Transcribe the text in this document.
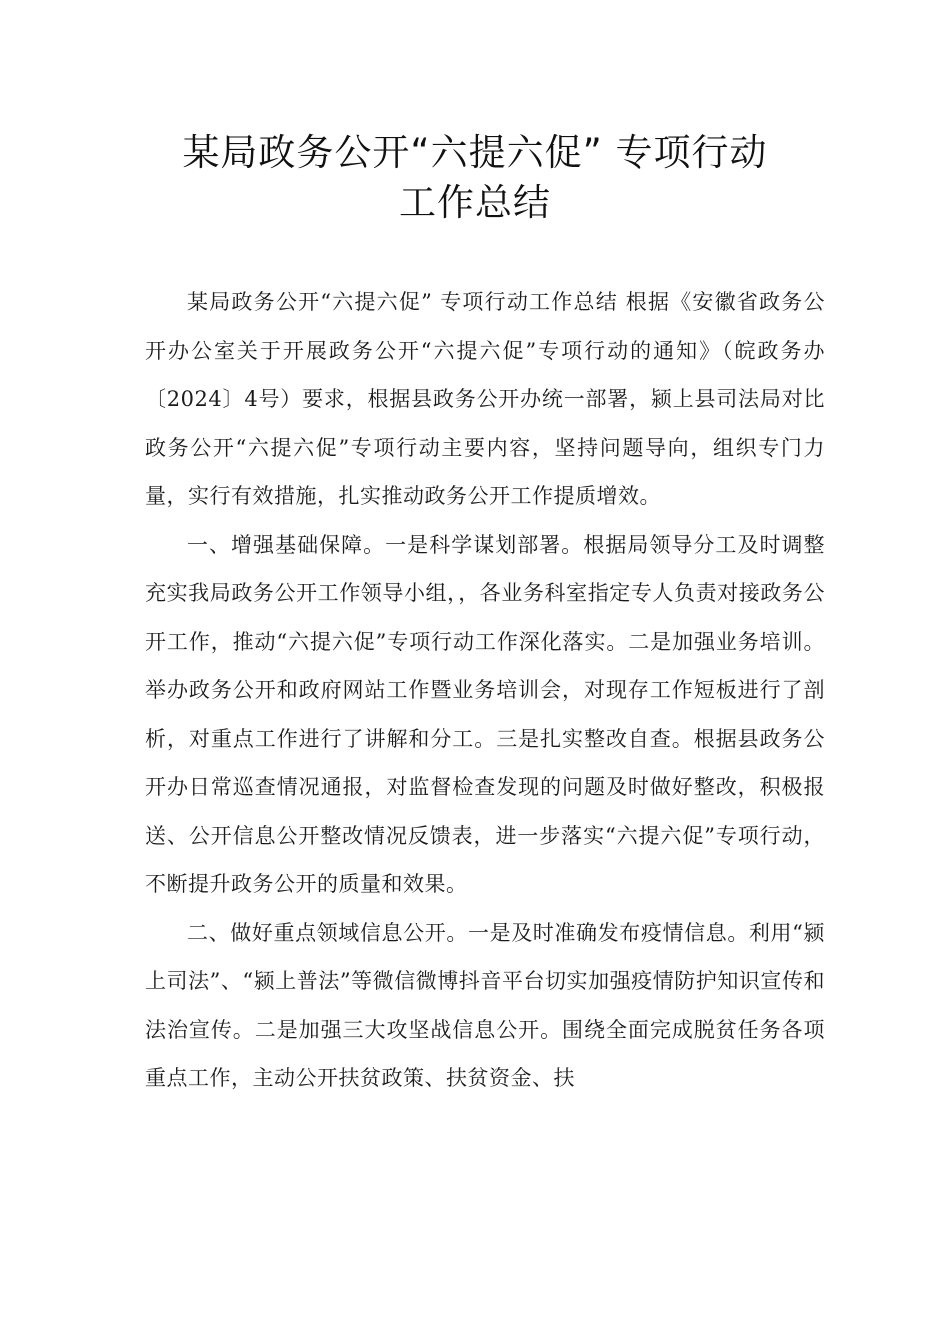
某局政务公开“六提六促” 专项行动
工作总结

某局政务公开“六提六促” 专项行动工作总结 根据《安徽省政务公开办公室关于开展政务公开“六提六促”专项行动的通知》（皖政务办〔2024〕4号）要求，根据县政务公开办统一部署，颍上县司法局对比政务公开“六提六促”专项行动主要内容，坚持问题导向，组织专门力量，实行有效措施，扎实推动政务公开工作提质增效。

一、增强基础保障。一是科学谋划部署。根据局领导分工及时调整充实我局政务公开工作领导小组，，各业务科室指定专人负责对接政务公开工作，推动“六提六促”专项行动工作深化落实。二是加强业务培训。举办政务公开和政府网站工作暨业务培训会，对现存工作短板进行了剖析，对重点工作进行了讲解和分工。三是扎实整改自查。根据县政务公开办日常巡查情况通报，对监督检查发现的问题及时做好整改，积极报送、公开信息公开整改情况反馈表，进一步落实“六提六促”专项行动，不断提升政务公开的质量和效果。

二、做好重点领域信息公开。一是及时准确发布疫情信息。利用“颍上司法”、“颍上普法”等微信微博抖音平台切实加强疫情防护知识宣传和法治宣传。二是加强三大攻坚战信息公开。围绕全面完成脱贫任务各项重点工作，主动公开扶贫政策、扶贫资金、扶
